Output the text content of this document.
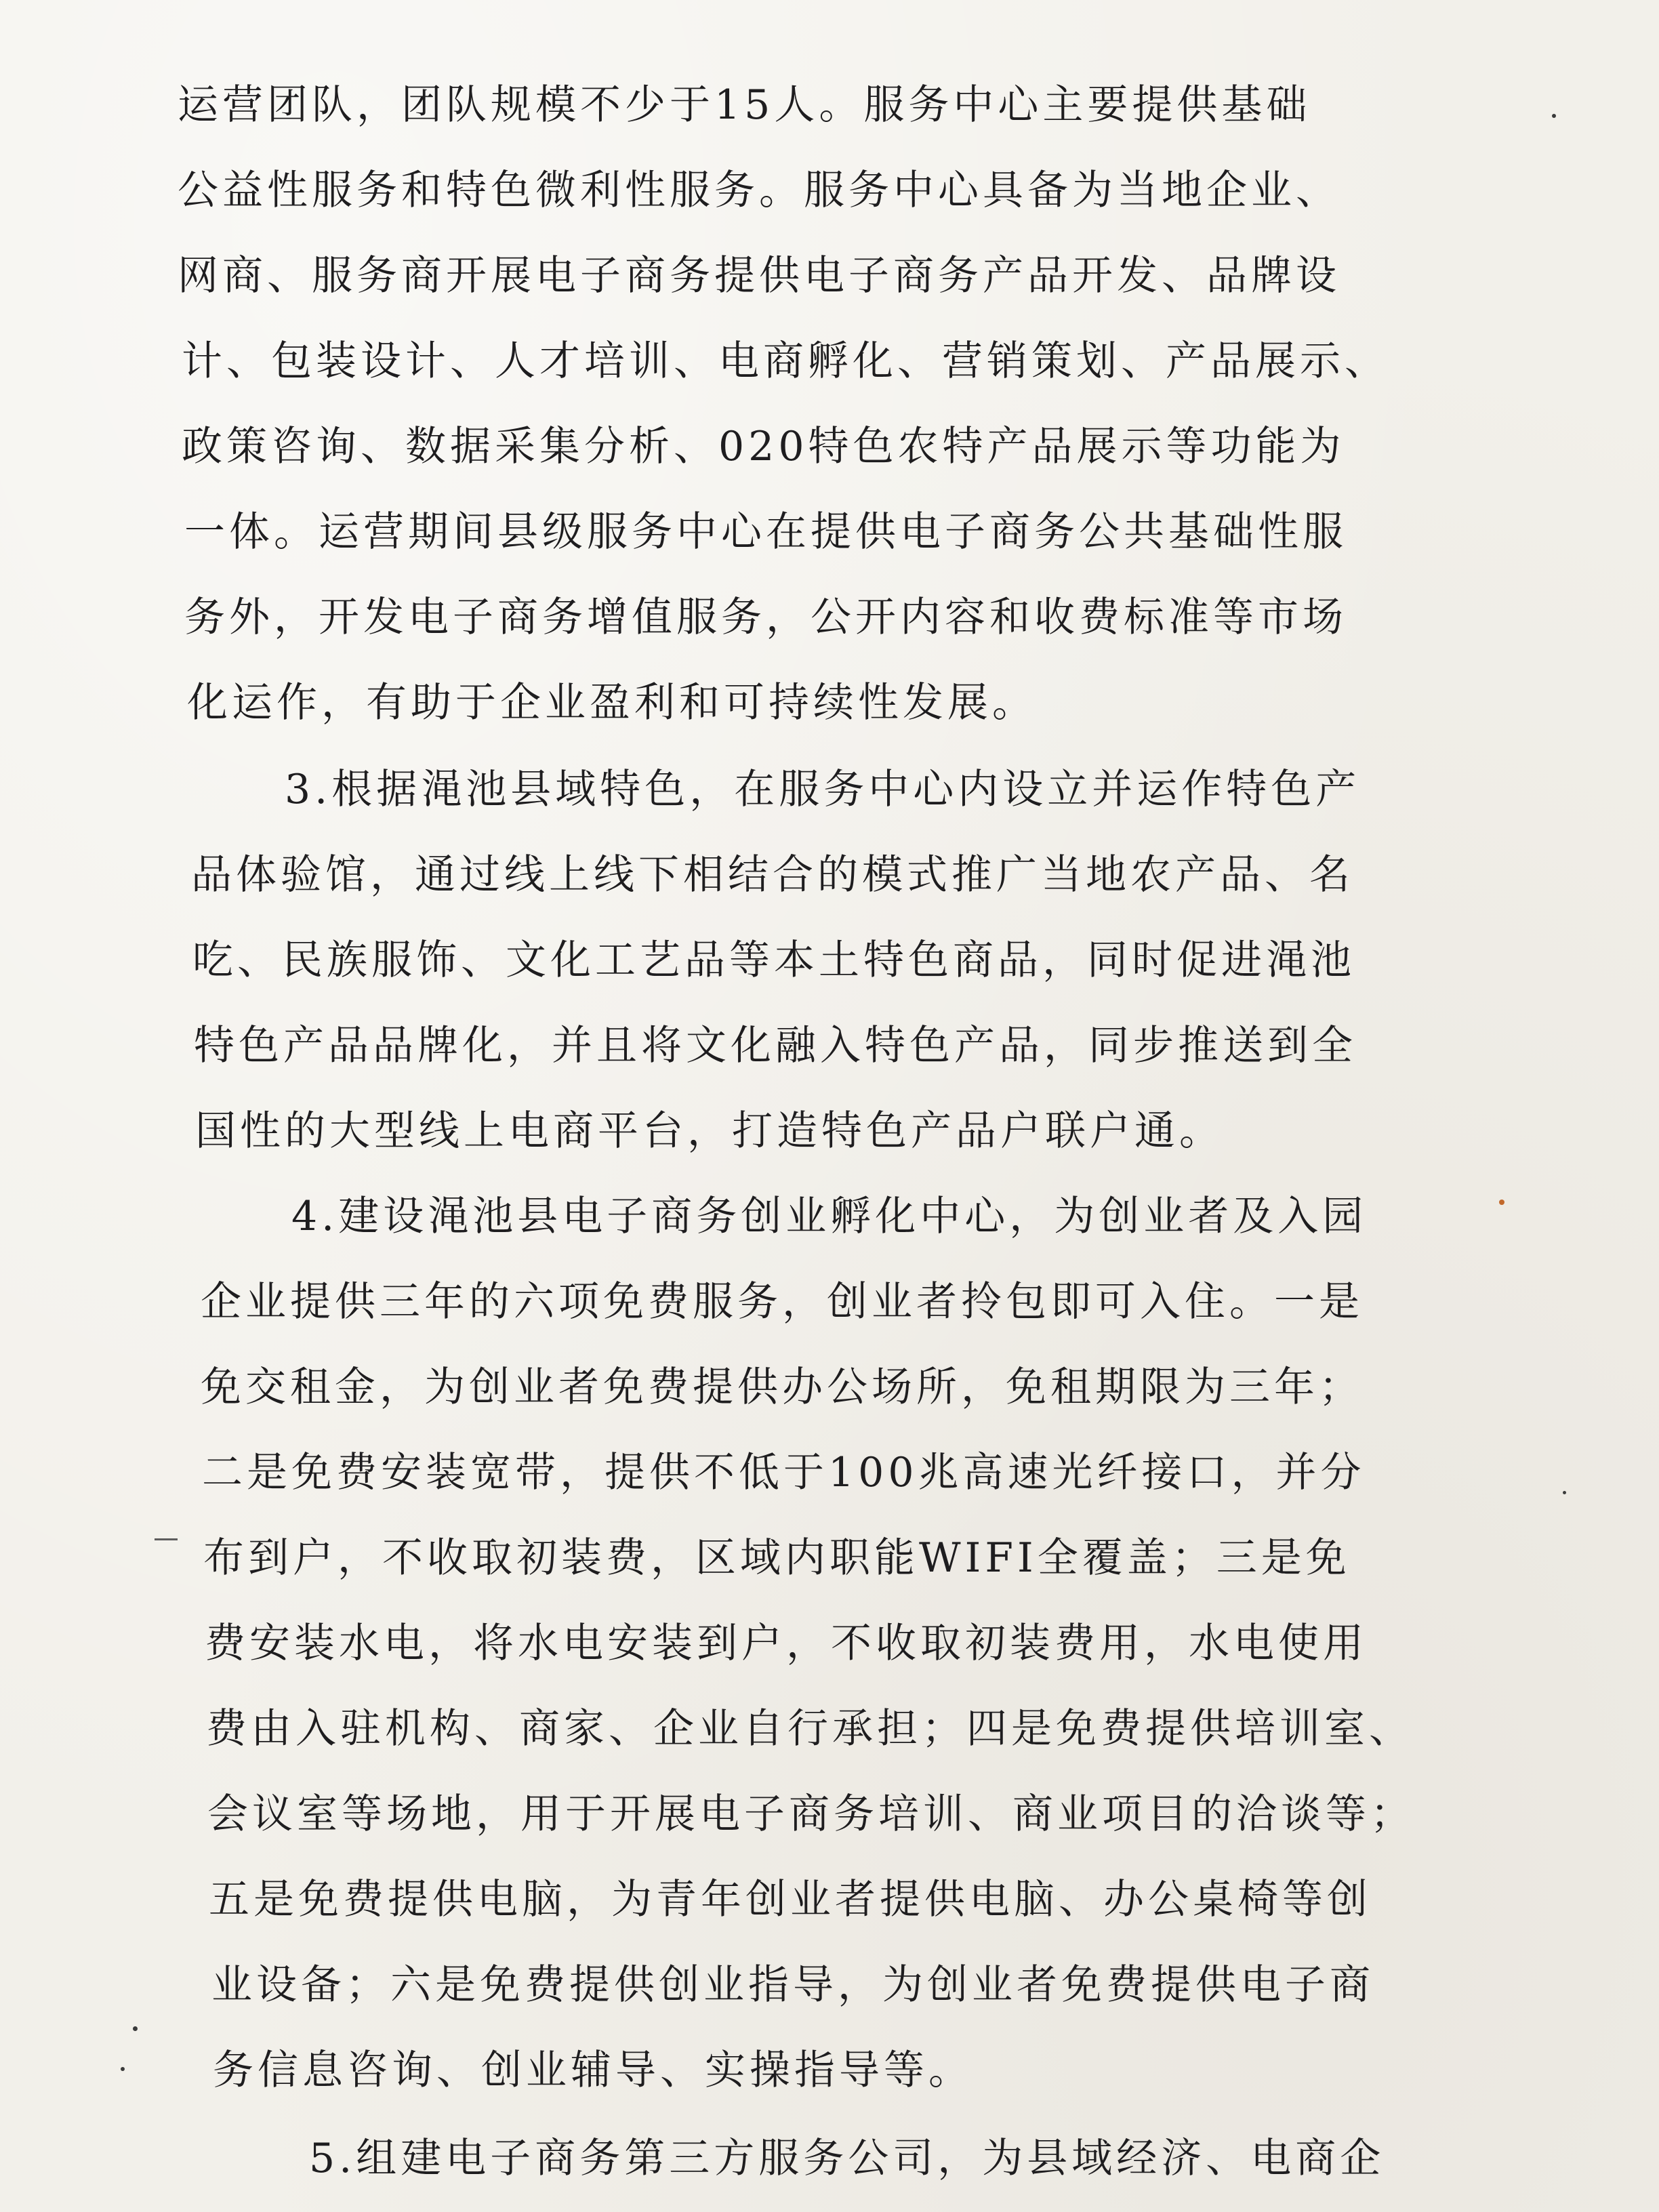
运营团队，团队规模不少于15人。服务中心主要提供基础
公益性服务和特色微利性服务。服务中心具备为当地企业、
网商、服务商开展电子商务提供电子商务产品开发、品牌设
计、包装设计、人才培训、电商孵化、营销策划、产品展示、
政策咨询、数据采集分析、020特色农特产品展示等功能为
一体。运营期间县级服务中心在提供电子商务公共基础性服
务外，开发电子商务增值服务，公开内容和收费标准等市场
化运作，有助于企业盈利和可持续性发展。
3.根据渑池县域特色，在服务中心内设立并运作特色产
品体验馆，通过线上线下相结合的模式推广当地农产品、名
吃、民族服饰、文化工艺品等本土特色商品，同时促进渑池
特色产品品牌化，并且将文化融入特色产品，同步推送到全
国性的大型线上电商平台，打造特色产品户联户通。
4.建设渑池县电子商务创业孵化中心，为创业者及入园
企业提供三年的六项免费服务，创业者拎包即可入住。一是
免交租金，为创业者免费提供办公场所，免租期限为三年；
二是免费安装宽带，提供不低于100兆高速光纤接口，并分
布到户，不收取初装费，区域内职能WIFI全覆盖；三是免
费安装水电，将水电安装到户，不收取初装费用，水电使用
费由入驻机构、商家、企业自行承担；四是免费提供培训室、
会议室等场地，用于开展电子商务培训、商业项目的洽谈等；
五是免费提供电脑，为青年创业者提供电脑、办公桌椅等创
业设备；六是免费提供创业指导，为创业者免费提供电子商
务信息咨询、创业辅导、实操指导等。
5.组建电子商务第三方服务公司，为县域经济、电商企
